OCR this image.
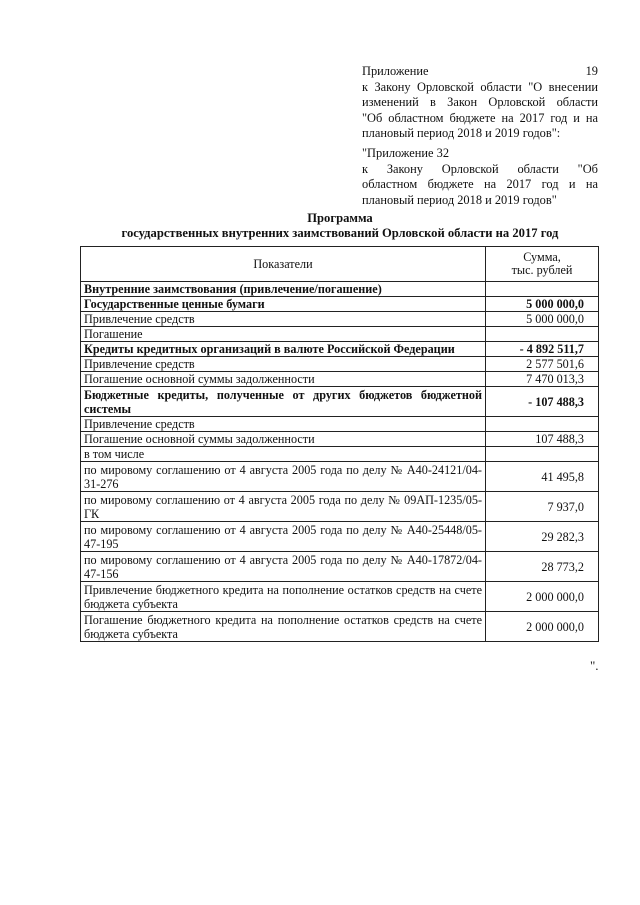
Приложение 19
к Закону Орловской области "О внесении
изменений в Закон Орловской области
"Об областном бюджете на 2017 год и на
плановый период 2018 и 2019 годов":
"Приложение 32
к Закону Орловской области "Об
областном бюджете на 2017 год и на
плановый период 2018 и 2019 годов"
Программа
государственных внутренних заимствований Орловской области на 2017 год
Показатели	Сумма,
тыс. рублей

Внутренние заимствования (привлечение/погашение)	
Государственные ценные бумаги	5 000 000,0
Привлечение средств	5 000 000,0
Погашение	
Кредиты кредитных организаций в валюте Российской Федерации	- 4 892 511,7
Привлечение средств	2 577 501,6
Погашение основной суммы задолженности	7 470 013,3
Бюджетные кредиты, полученные от других бюджетов бюджетной системы	- 107 488,3
Привлечение средств	
Погашение основной суммы задолженности	107 488,3
в том числе	
по мировому соглашению от 4 августа 2005 года по делу № А40-24121/04-31-276	41 495,8
по мировому соглашению от 4 августа 2005 года по делу № 09АП-1235/05-ГК	7 937,0
по мировому соглашению от 4 августа 2005 года по делу № А40-25448/05-47-195	29 282,3
по мировому соглашению от 4 августа 2005 года по делу № А40-17872/04-47-156	28 773,2
Привлечение бюджетного кредита на пополнение остатков средств на счете бюджета субъекта	2 000 000,0
Погашение бюджетного кредита на пополнение остатков средств на счете бюджета субъекта	2 000 000,0
".
